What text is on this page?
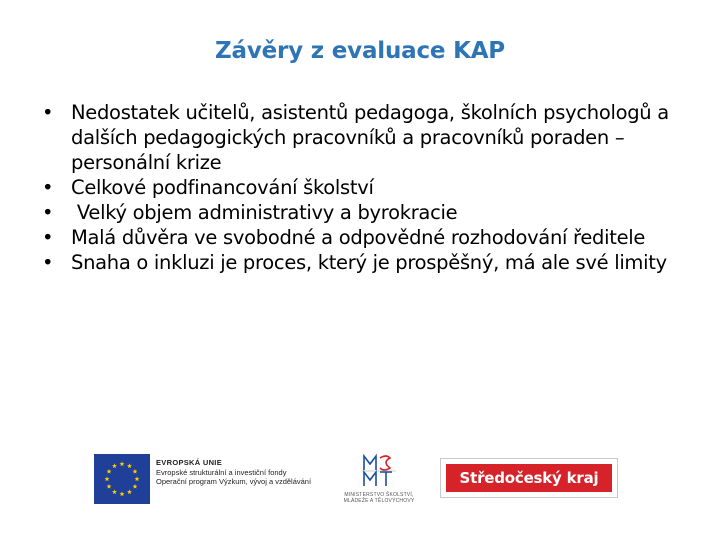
Závěry z evaluace KAP
• Nedostatek učitelů, asistentů pedagoga, školních psychologů a dalších pedagogických pracovníků a pracovníků poraden – personální krize
• Celkové podfinancování školství
• Velký objem administrativy a byrokracie
• Malá důvěra ve svobodné a odpovědné rozhodování ředitele
• Snaha o inkluzi je proces, který je prospěšný, má ale své limity
EVROPSKÁ UNIE
Evropské strukturální a investiční fondy
Operační program Výzkum, vývoj a vzdělávání
MINISTERSTVO ŠKOLSTVÍ,
MLÁDEŽE A TĚLOVÝCHOVY
Středočeský kraj
